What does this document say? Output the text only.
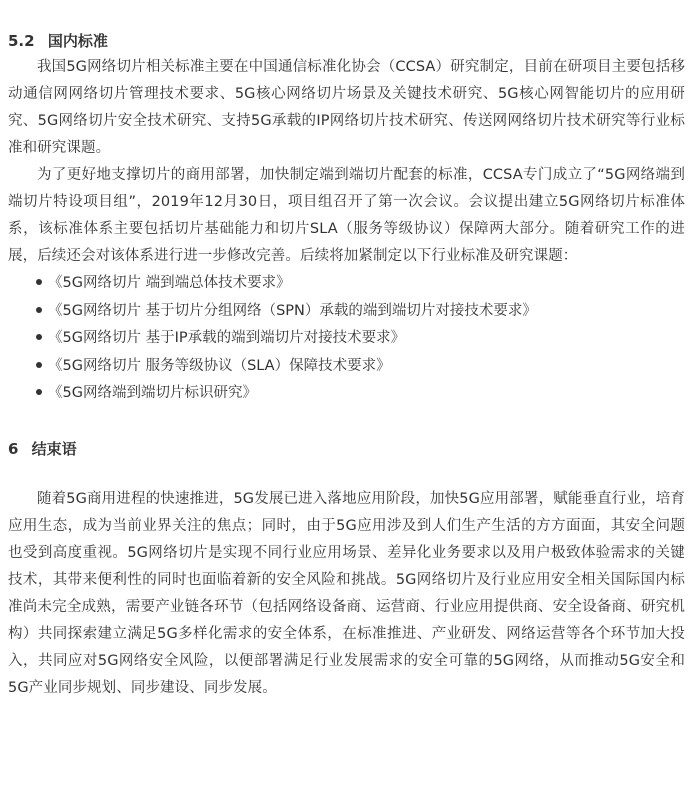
5.2 国内标准

我国5G网络切片相关标准主要在中国通信标准化协会（CCSA）研究制定，目前在研项目主要包括移动通信网网络切片管理技术要求、5G核心网络切片场景及关键技术研究、5G核心网智能切片的应用研究、5G网络切片安全技术研究、支持5G承载的IP网络切片技术研究、传送网网络切片技术研究等行业标准和研究课题。

为了更好地支撑切片的商用部署，加快制定端到端切片配套的标准，CCSA专门成立了“5G网络端到端切片特设项目组”，2019年12月30日，项目组召开了第一次会议。会议提出建立5G网络切片标准体系，该标准体系主要包括切片基础能力和切片SLA（服务等级协议）保障两大部分。随着研究工作的进展，后续还会对该体系进行进一步修改完善。后续将加紧制定以下行业标准及研究课题：

《5G网络切片 端到端总体技术要求》
《5G网络切片 基于切片分组网络（SPN）承载的端到端切片对接技术要求》
《5G网络切片 基于IP承载的端到端切片对接技术要求》
《5G网络切片 服务等级协议（SLA）保障技术要求》
《5G网络端到端切片标识研究》
6 结束语

随着5G商用进程的快速推进，5G发展已进入落地应用阶段，加快5G应用部署，赋能垂直行业，培育应用生态，成为当前业界关注的焦点；同时，由于5G应用涉及到人们生产生活的方方面面，其安全问题也受到高度重视。5G网络切片是实现不同行业应用场景、差异化业务要求以及用户极致体验需求的关键技术，其带来便利性的同时也面临着新的安全风险和挑战。5G网络切片及行业应用安全相关国际国内标准尚未完全成熟，需要产业链各环节（包括网络设备商、运营商、行业应用提供商、安全设备商、研究机构）共同探索建立满足5G多样化需求的安全体系，在标准推进、产业研发、网络运营等各个环节加大投入，共同应对5G网络安全风险，以便部署满足行业发展需求的安全可靠的5G网络，从而推动5G安全和5G产业同步规划、同步建设、同步发展。
